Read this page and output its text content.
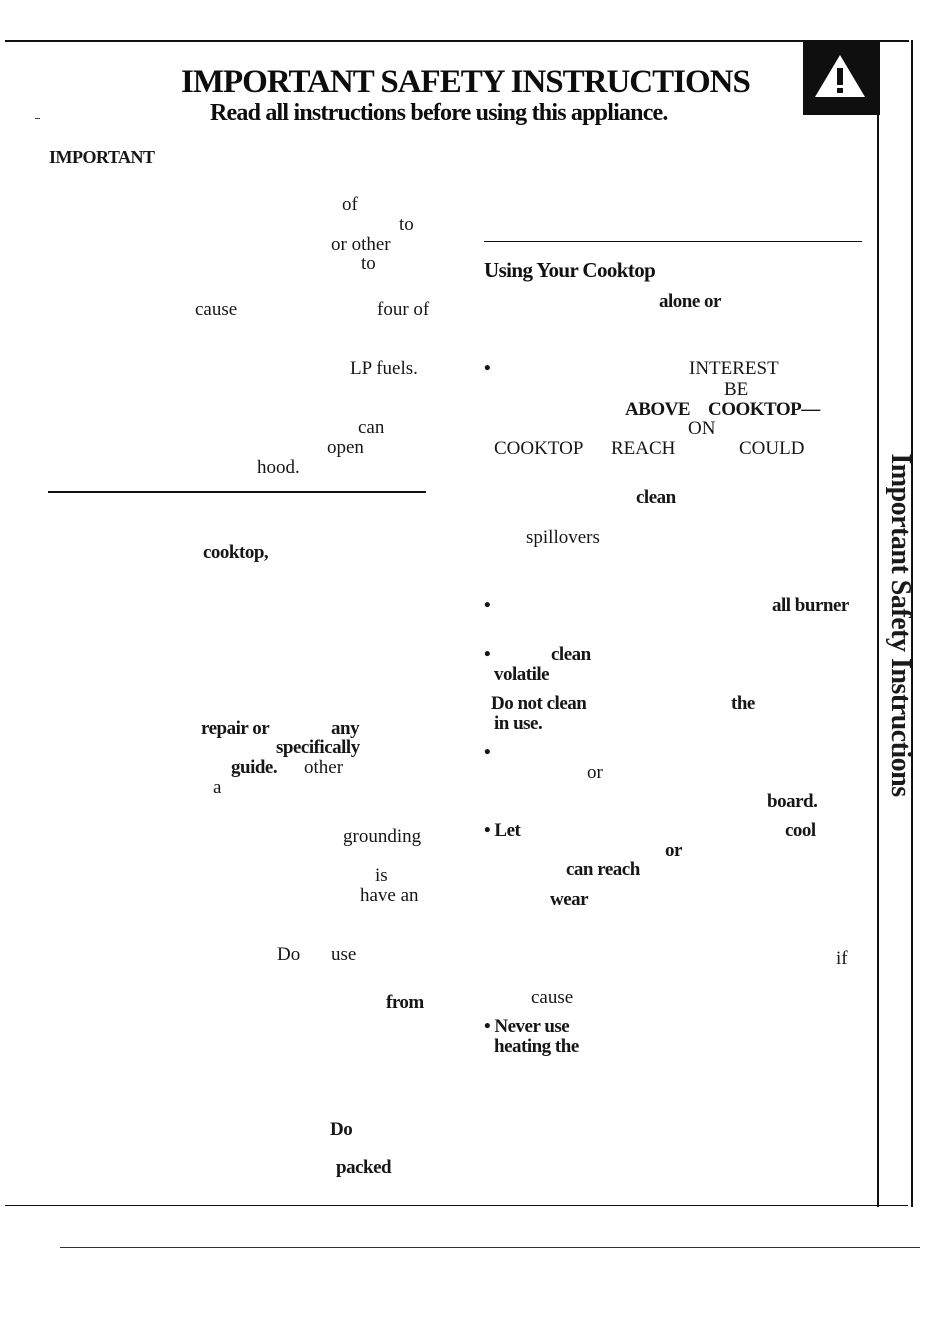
IMPORTANT SAFETY INSTRUCTIONS
Read all instructions before using this appliance.
Important Safety Instructions
IMPORTANT
of
to
or other
to
cause	four of
LP fuels.
can
open
hood.
cooktop,
repair or	any
specifically
guide. other
a
grounding
is
have an
Do use
from
Do
packed
Using Your Cooktop
alone or
•	INTEREST
BE
ABOVE COOKTOP—
ON
COOKTOP REACH	COULD
clean
spillovers
•	all burner
•	clean
volatile
Do not clean	the
in use.
•
or
board.
• Let	cool
or
can reach
wear
if
cause
• Never use
heating the
